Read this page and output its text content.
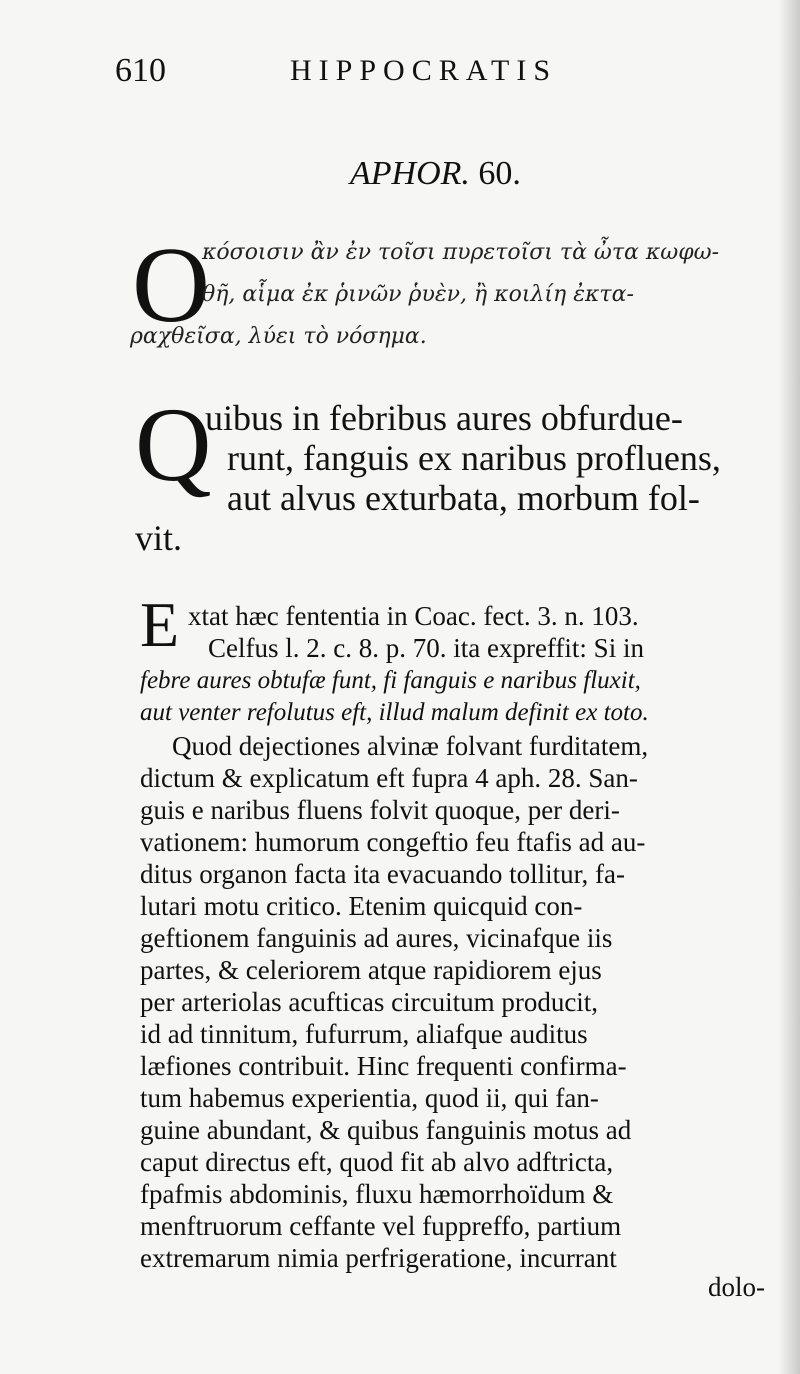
610	HIPPOCRATIS
APHOR. 60.
O
κόσοισιν ἂν ἐν τοῖσι πυρετοῖσι τὰ ὦτα κωφω-
θῆ, αἷμα ἐκ ῥινῶν ῥυὲν, ἢ κοιλίη ἐκτα-
ραχθεῖσα, λύει τὸ νόσημα.
Q
uibus in febribus aures obfurdue-
runt, fanguis ex naribus profluens,
aut alvus exturbata, morbum fol-
vit.
E xtat hæc fententia in Coac. fect. 3. n. 103.
Celfus l. 2. c. 8. p. 70. ita expreffit: Si in
febre aures obtufæ funt, fi fanguis e naribus fluxit,
aut venter refolutus eft, illud malum definit ex toto.
Quod dejectiones alvinæ folvant furditatem,
dictum & explicatum eft fupra 4 aph. 28. San-
guis e naribus fluens folvit quoque, per deri-
vationem: humorum congeftio feu ftafis ad au-
ditus organon facta ita evacuando tollitur, fa-
lutari motu critico. Etenim quicquid con-
geftionem fanguinis ad aures, vicinafque iis
partes, & celeriorem atque rapidiorem ejus
per arteriolas acufticas circuitum producit,
id ad tinnitum, fufurrum, aliafque auditus
læfiones contribuit. Hinc frequenti confirma-
tum habemus experientia, quod ii, qui fan-
guine abundant, & quibus fanguinis motus ad
caput directus eft, quod fit ab alvo adftricta,
fpafmis abdominis, fluxu hæmorrhoïdum &
menftruorum ceffante vel fuppreffo, partium
extremarum nimia perfrigeratione, incurrant
dolo-
